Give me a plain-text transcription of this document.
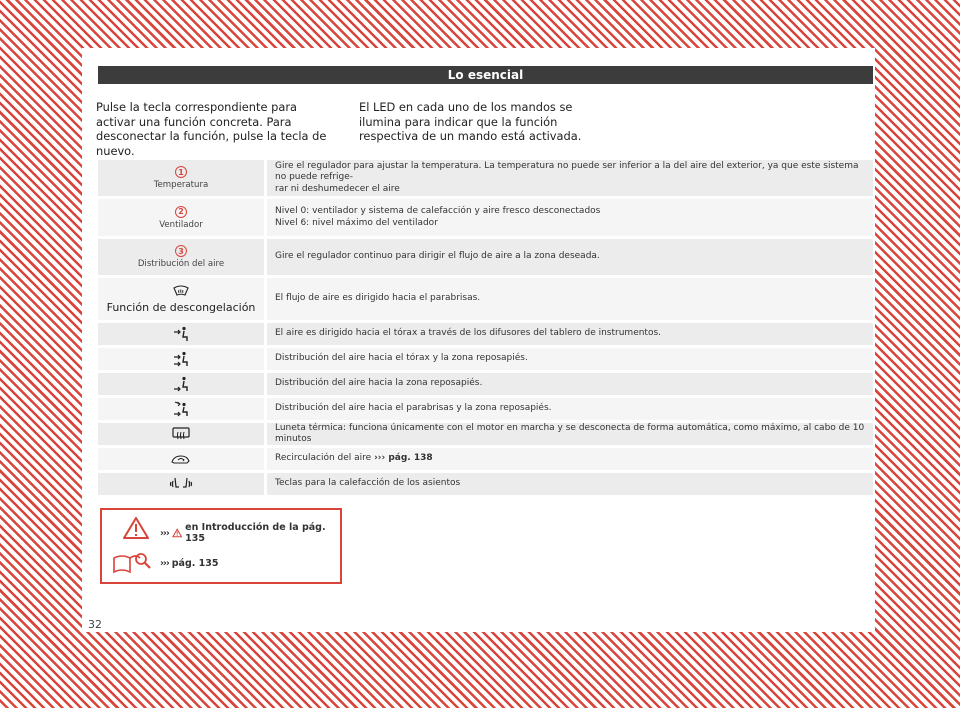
Lo esencial

Pulse la tecla correspondiente para activar una función concreta. Para desconectar la función, pulse la tecla de nuevo.

El LED en cada uno de los mandos se ilumina para indicar que la función respectiva de un mando está activada.

1
Temperatura
Gire el regulador para ajustar la temperatura. La temperatura no puede ser inferior a la del aire del exterior, ya que este sistema no puede refrige-
rar ni deshumedecer el aire
2
Ventilador
Nivel 0: ventilador y sistema de calefacción y aire fresco desconectados
Nivel 6: nivel máximo del ventilador
3
Distribución del aire
Gire el regulador continuo para dirigir el flujo de aire a la zona deseada.
Función de descongelación
El flujo de aire es dirigido hacia el parabrisas.
El aire es dirigido hacia el tórax a través de los difusores del tablero de instrumentos.
Distribución del aire hacia el tórax y la zona reposapiés.
Distribución del aire hacia la zona reposapiés.
Distribución del aire hacia el parabrisas y la zona reposapiés.
Luneta térmica: funciona únicamente con el motor en marcha y se desconecta de forma automática, como máximo, al cabo de 10 minutos
Recirculación del aire ››› pág. 138
Teclas para la calefacción de los asientos
››› en Introducción de la pág. 135
››› pág. 135
32
